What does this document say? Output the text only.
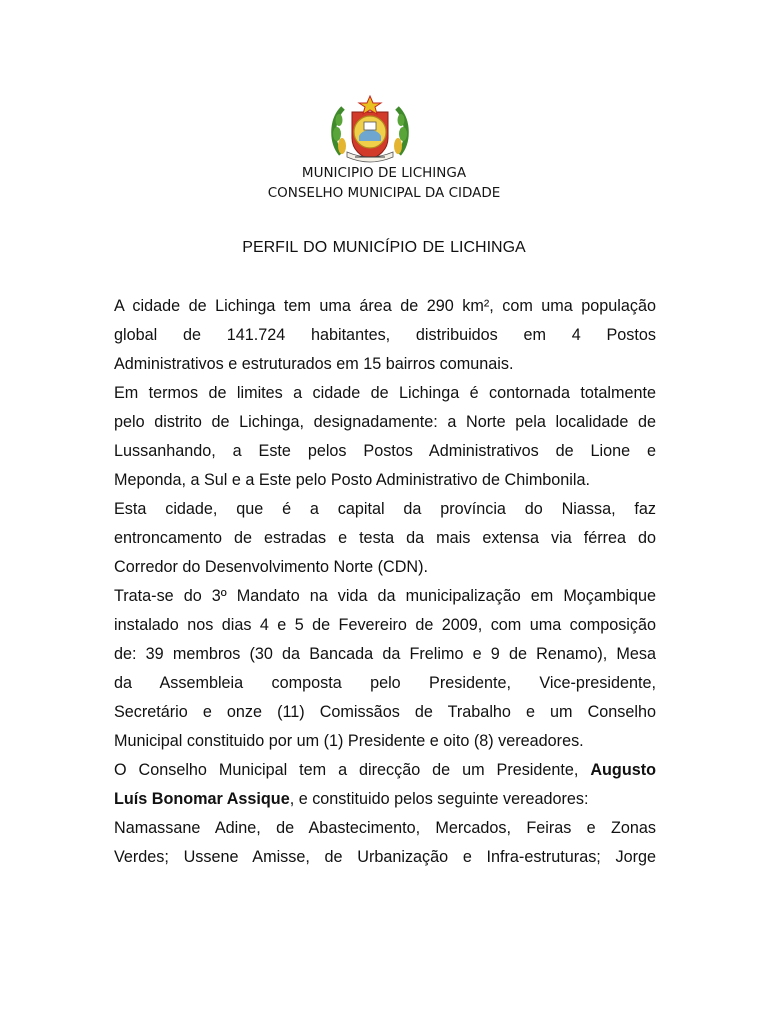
MUNICIPIO DE LICHINGA
CONSELHO MUNICIPAL DA CIDADE
PERFIL DO MUNICÍPIO DE LICHINGA
A cidade de Lichinga tem uma área de 290 km², com uma população
global de 141.724 habitantes, distribuidos em 4 Postos
Administrativos e estruturados em 15 bairros comunais.
Em termos de limites a cidade de Lichinga é contornada totalmente
pelo distrito de Lichinga, designadamente: a Norte pela localidade de
Lussanhando, a Este pelos Postos Administrativos de Lione e
Meponda, a Sul e a Este pelo Posto Administrativo de Chimbonila.
Esta cidade, que é a capital da província do Niassa, faz
entroncamento de estradas e testa da mais extensa via férrea do
Corredor do Desenvolvimento Norte (CDN).
Trata-se do 3º Mandato na vida da municipalização em Moçambique
instalado nos dias 4 e 5 de Fevereiro de 2009, com uma composição
de: 39 membros (30 da Bancada da Frelimo e 9 de Renamo), Mesa
da Assembleia composta pelo Presidente, Vice-presidente,
Secretário e onze (11) Comissãos de Trabalho e um Conselho
Municipal constituido por um (1) Presidente e oito (8) vereadores.
O Conselho Municipal tem a direcção de um Presidente, Augusto
Luís Bonomar Assique, e constituido pelos seguinte vereadores:
Namassane Adine, de Abastecimento, Mercados, Feiras e Zonas
Verdes; Ussene Amisse, de Urbanização e Infra-estruturas; Jorge
